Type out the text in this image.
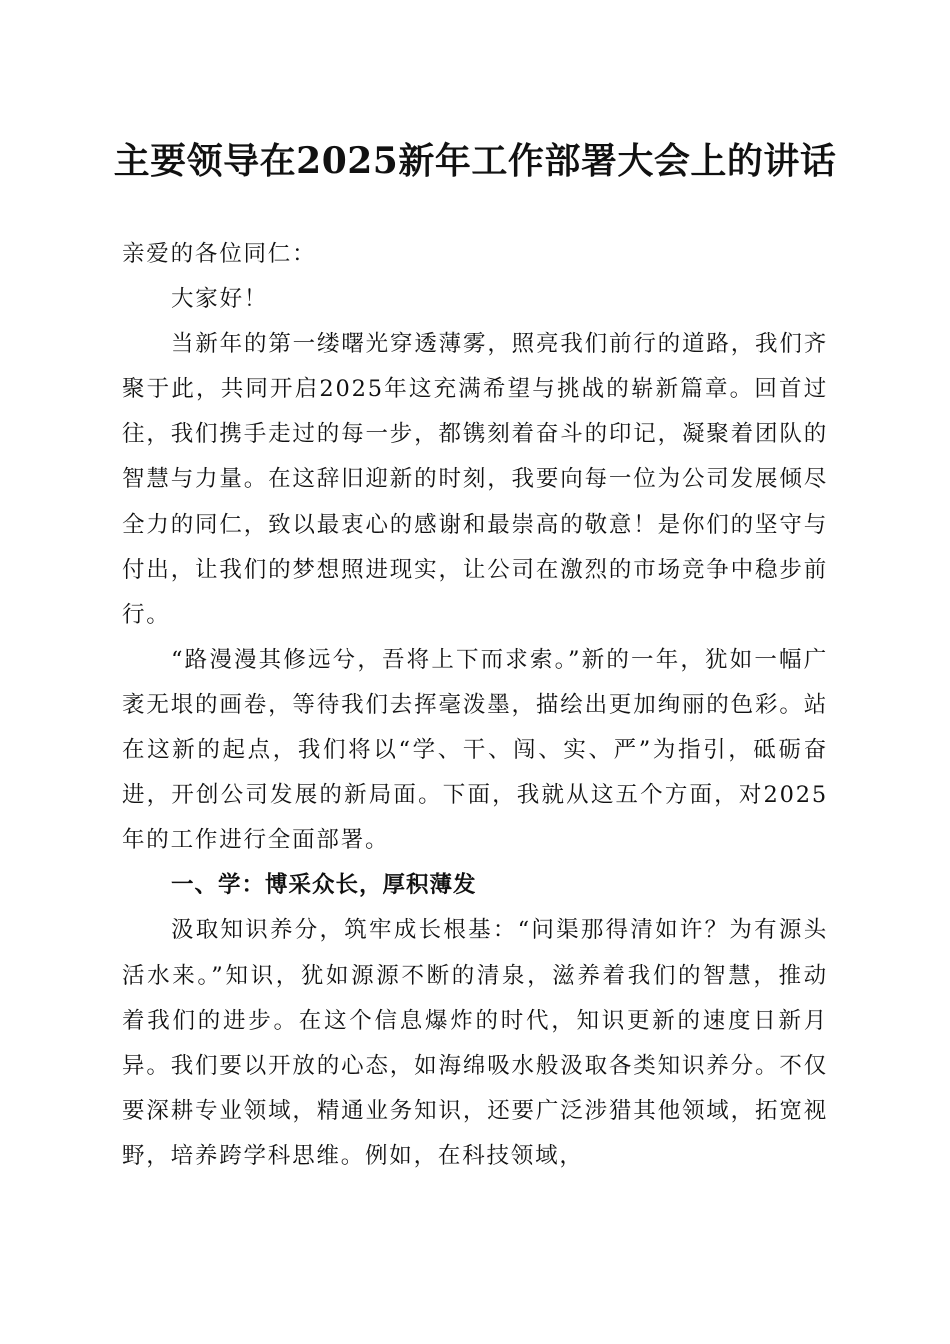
主要领导在2025新年工作部署大会上的讲话

亲爱的各位同仁：

大家好！

当新年的第一缕曙光穿透薄雾，照亮我们前行的道路，我们齐聚于此，共同开启2025年这充满希望与挑战的崭新篇章。回首过往，我们携手走过的每一步，都镌刻着奋斗的印记，凝聚着团队的智慧与力量。在这辞旧迎新的时刻，我要向每一位为公司发展倾尽全力的同仁，致以最衷心的感谢和最崇高的敬意！是你们的坚守与付出，让我们的梦想照进现实，让公司在激烈的市场竞争中稳步前行。

“路漫漫其修远兮，吾将上下而求索。”新的一年，犹如一幅广袤无垠的画卷，等待我们去挥毫泼墨，描绘出更加绚丽的色彩。站在这新的起点，我们将以“学、干、闯、实、严”为指引，砥砺奋进，开创公司发展的新局面。下面，我就从这五个方面，对2025年的工作进行全面部署。

一、学：博采众长，厚积薄发

汲取知识养分，筑牢成长根基：“问渠那得清如许？为有源头活水来。”知识，犹如源源不断的清泉，滋养着我们的智慧，推动着我们的进步。在这个信息爆炸的时代，知识更新的速度日新月异。我们要以开放的心态，如海绵吸水般汲取各类知识养分。不仅要深耕专业领域，精通业务知识，还要广泛涉猎其他领域，拓宽视野，培养跨学科思维。例如，在科技领域，
